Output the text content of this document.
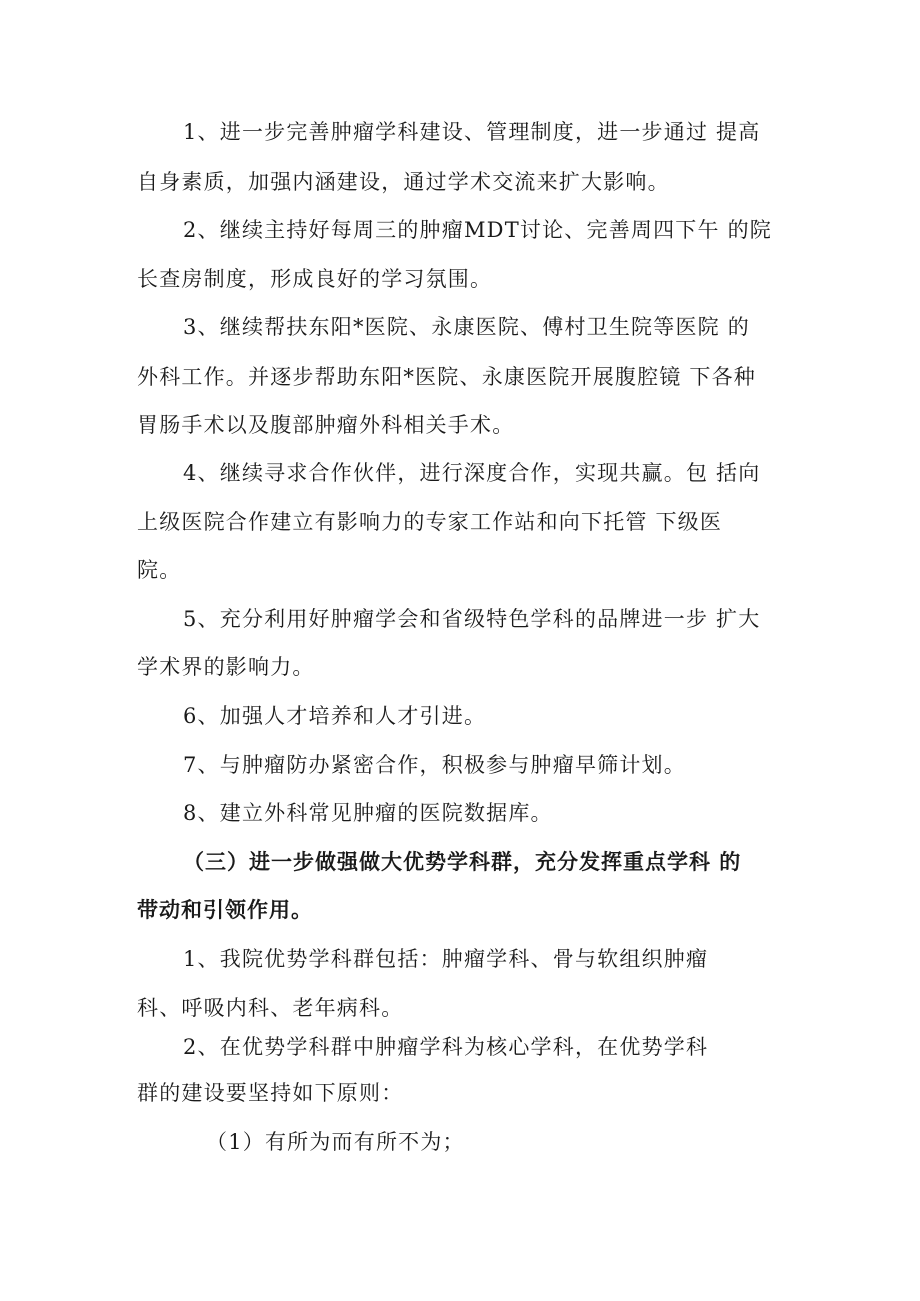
1、进一步完善肿瘤学科建设、管理制度，进一步通过 提高
自身素质，加强内涵建设，通过学术交流来扩大影响。
2、继续主持好每周三的肿瘤MDT讨论、完善周四下午 的院
长查房制度，形成良好的学习氛围。
3、继续帮扶东阳*医院、永康医院、傅村卫生院等医院 的
外科工作。并逐步帮助东阳*医院、永康医院开展腹腔镜 下各种
胃肠手术以及腹部肿瘤外科相关手术。
4、继续寻求合作伙伴，进行深度合作，实现共赢。包 括向
上级医院合作建立有影响力的专家工作站和向下托管 下级医
院。
5、充分利用好肿瘤学会和省级特色学科的品牌进一步 扩大
学术界的影响力。
6、加强人才培养和人才引进。
7、与肿瘤防办紧密合作，积极参与肿瘤早筛计划。
8、建立外科常见肿瘤的医院数据库。
（三）进一步做强做大优势学科群，充分发挥重点学科 的
带动和引领作用。
1、我院优势学科群包括：肿瘤学科、骨与软组织肿瘤
科、呼吸内科、老年病科。
2、在优势学科群中肿瘤学科为核心学科，在优势学科
群的建设要坚持如下原则：
（1）有所为而有所不为；
